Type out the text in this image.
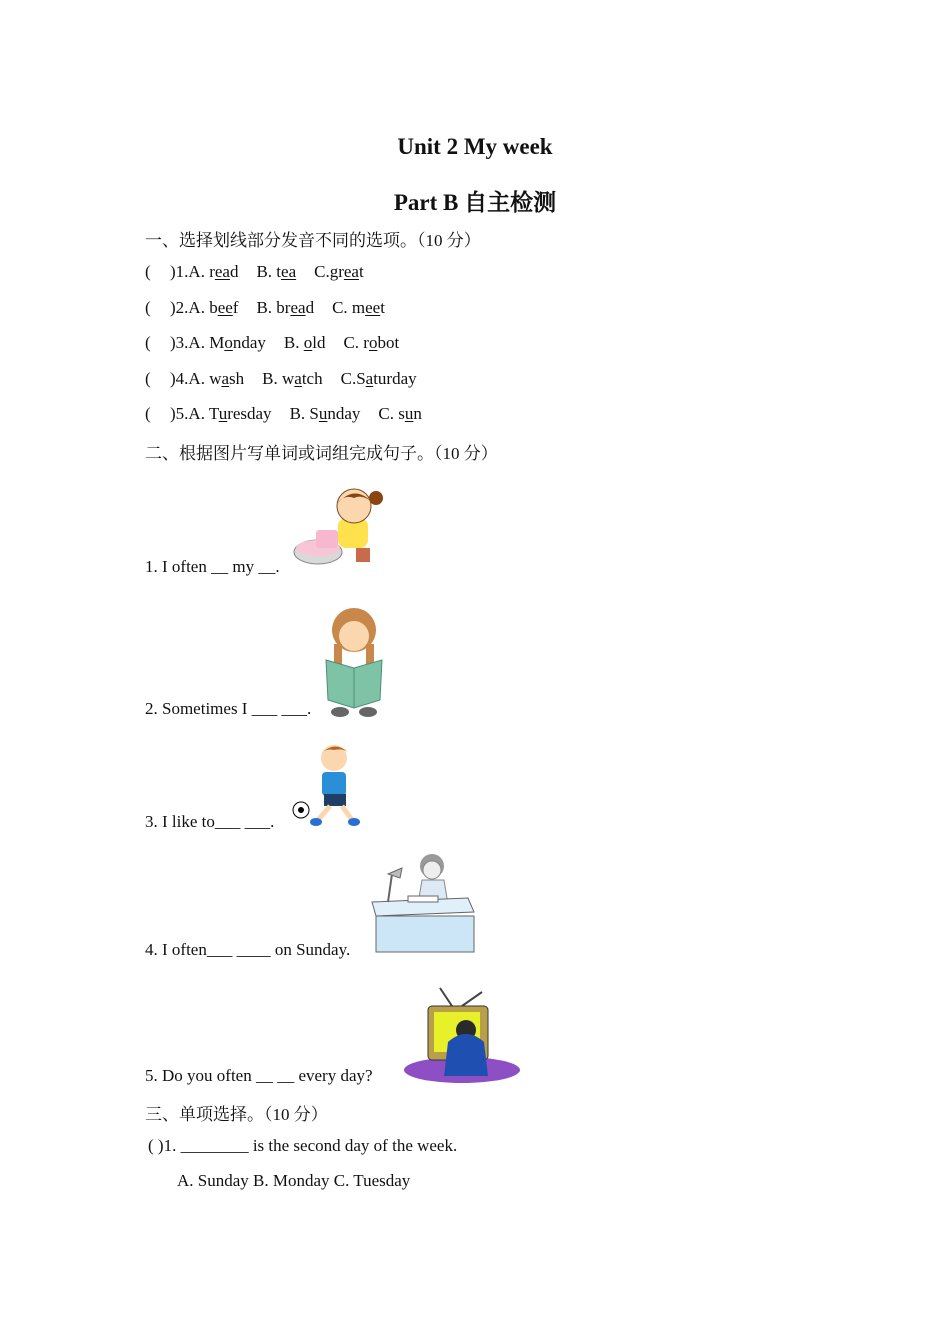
Unit 2 My week
Part B 自主检测
一、选择划线部分发音不同的选项。（10 分）
( )1.A. read B. tea C.great
( )2.A. beef B. bread C. meet
( )3.A. Monday B. old C. robot
( )4.A. wash B. watch C.Saturday
( )5.A. Turesday B. Sunday C. sun
二、根据图片写单词或词组完成句子。（10 分）
1. I often __ my __.
2. Sometimes I ___ ___.
3. I like to___ ___.
4. I often___ ____ on Sunday.
5. Do you often __ __ every day?
三、单项选择。（10 分）
( )1. ________ is the second day of the week.
A. Sunday B. Monday C. Tuesday
